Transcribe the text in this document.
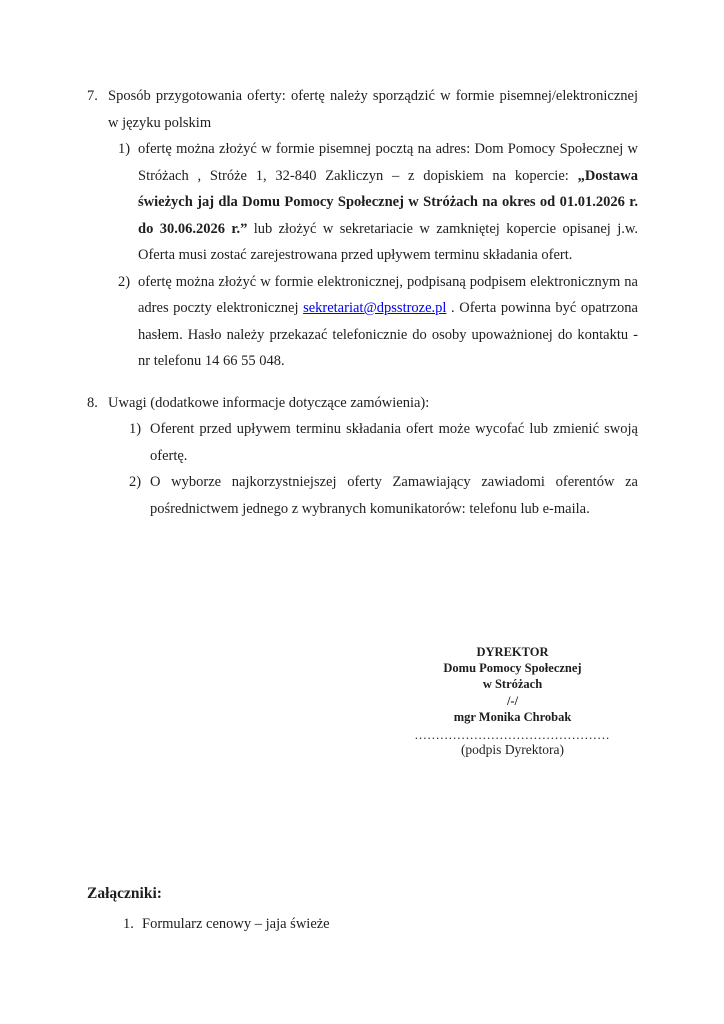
7. Sposób przygotowania oferty: ofertę należy sporządzić w formie pisemnej/elektronicznej w języku polskim
1) ofertę można złożyć w formie pisemnej pocztą na adres: Dom Pomocy Społecznej w Stróżach , Stróże 1, 32-840 Zakliczyn – z dopiskiem na kopercie: „Dostawa świeżych jaj dla Domu Pomocy Społecznej w Stróżach na okres od 01.01.2026 r. do 30.06.2026 r.” lub złożyć w sekretariacie w zamkniętej kopercie opisanej j.w. Oferta musi zostać zarejestrowana przed upływem terminu składania ofert.
2) ofertę można złożyć w formie elektronicznej, podpisaną podpisem elektronicznym na adres poczty elektronicznej sekretariat@dpsstroze.pl . Oferta powinna być opatrzona hasłem. Hasło należy przekazać telefonicznie do osoby upoważnionej do kontaktu - nr telefonu 14 66 55 048.
8. Uwagi (dodatkowe informacje dotyczące zamówienia):
1) Oferent przed upływem terminu składania ofert może wycofać lub zmienić swoją ofertę.
2) O wyborze najkorzystniejszej oferty Zamawiający zawiadomi oferentów za pośrednictwem jednego z wybranych komunikatorów: telefonu lub e-maila.
DYREKTOR
Domu Pomocy Społecznej
w Stróżach
/-/
mgr Monika Chrobak
..............................................
(podpis Dyrektora)
Załączniki:
1. Formularz cenowy – jaja świeże
